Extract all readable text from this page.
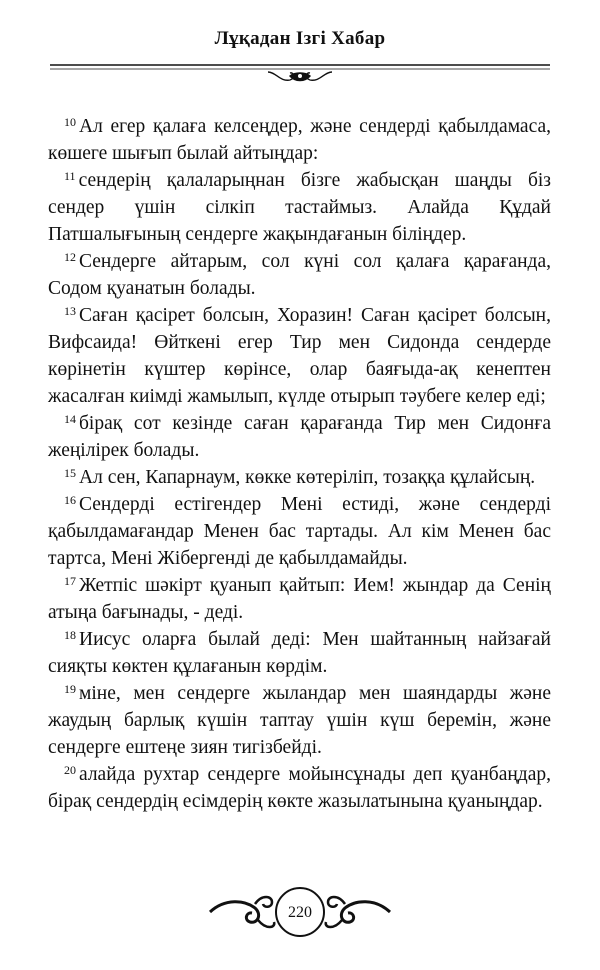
Лұқадан Ізгі Хабар

$^{10}$ Ал егер қалаға келсеңдер, және сендерді қабылдамаса, көшеге шығып былай айтыңдар:

$^{11}$ сендерің қалаларыңнан бізге жабысқан шаңды біз сендер үшін сілкіп тастаймыз. Алайда Құдай Патшалығының сендерге жақындағанын біліңдер.

$^{12}$ Сендерге айтарым, сол күні сол қалаға қарағанда, Содом қуанатын болады.

$^{13}$ Саған қасірет болсын, Хоразин! Саған қасірет болсын, Вифсаида! Өйткені егер Тир мен Сидонда сендерде көрінетін күштер көрінсе, олар баяғыда-ақ кенептен жасалған киімді жамылып, күлде отырып тәубеге келер еді;

$^{14}$ бірақ сот кезінде саған қарағанда Тир мен Сидонға жеңілірек болады.

$^{15}$ Ал сен, Капарнаум, көкке көтеріліп, тозаққа құлайсың.

$^{16}$ Сендерді естігендер Мені естиді, және сендерді қабылдамағандар Менен бас тартады. Ал кім Менен бас тартса, Мені Жібергенді де қабылдамайды.

$^{17}$ Жетпіс шәкірт қуанып қайтып: Ием! жындар да Сенің атыңа бағынады, - деді.

$^{18}$ Иисус оларға былай деді: Мен шайтанның найзағай сияқты көктен құлағанын көрдім.

$^{19}$ міне, мен сендерге жыландар мен шаяндарды және жаудың барлық күшін таптау үшін күш беремін, және сендерге ештеңе зиян тигізбейді.

$^{20}$ алайда рухтар сендерге мойынсұнады деп қуанбаңдар, бірақ сендердің есімдерің көкте жазылатынына қуаныңдар.

220
